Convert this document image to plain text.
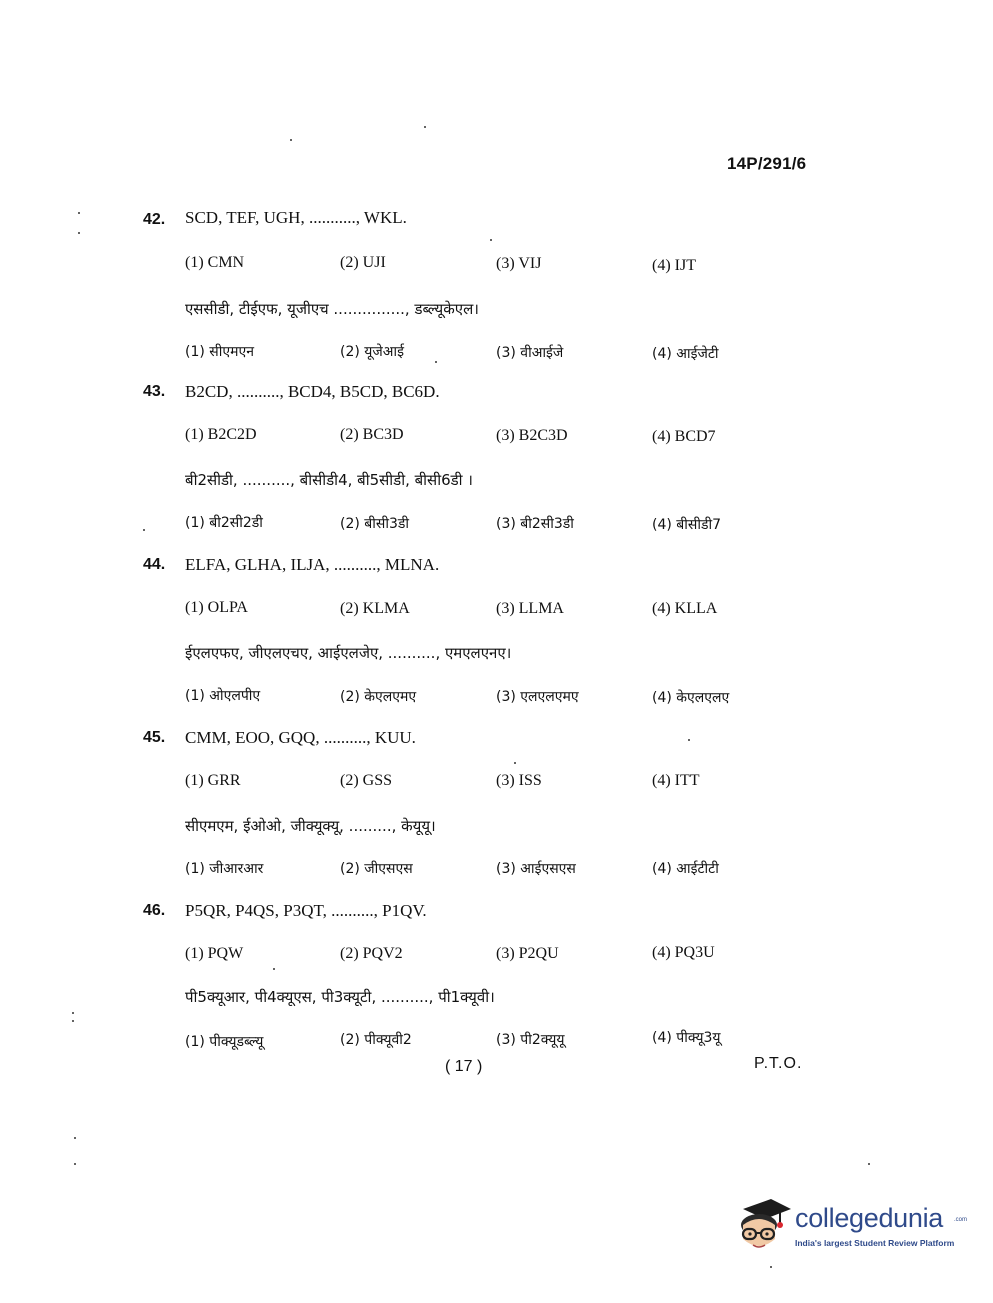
14P/291/6
42. SCD, TEF, UGH, ..........., WKL.
(1) CMN	(2) UJI	(3) VIJ	(4) IJT
एससीडी, टीईएफ, यूजीएच ..............., डब्ल्यूकेएल।
(1) सीएमएन	(2) यूजेआई	(3) वीआईजे	(4) आईजेटी
43. B2CD, .........., BCD4, B5CD, BC6D.
(1) B2C2D	(2) BC3D	(3) B2C3D	(4) BCD7
बी2सीडी, .........., बीसीडी4, बी5सीडी, बीसी6डी ।
(1) बी2सी2डी	(2) बीसी3डी	(3) बी2सी3डी	(4) बीसीडी7
44. ELFA, GLHA, ILJA, .........., MLNA.
(1) OLPA	(2) KLMA	(3) LLMA	(4) KLLA
ईएलएफए, जीएलएचए, आईएलजेए, .........., एमएलएनए।
(1) ओएलपीए	(2) केएलएमए	(3) एलएलएमए	(4) केएलएलए
45. CMM, EOO, GQQ, .........., KUU.
(1) GRR	(2) GSS	(3) ISS	(4) ITT
सीएमएम, ईओओ, जीक्यूक्यू, ........., केयूयू।
(1) जीआरआर	(2) जीएसएस	(3) आईएसएस	(4) आईटीटी
46. P5QR, P4QS, P3QT, .........., P1QV.
(1) PQW	(2) PQV2	(3) P2QU	(4) PQ3U
पी5क्यूआर, पी4क्यूएस, पी3क्यूटी, .........., पी1क्यूवी।
(1) पीक्यूडब्ल्यू	(2) पीक्यूवी2	(3) पी2क्यूयू	(4) पीक्यू3यू
( 17 )	P.T.O.
collegedunia .com
India's largest Student Review Platform
